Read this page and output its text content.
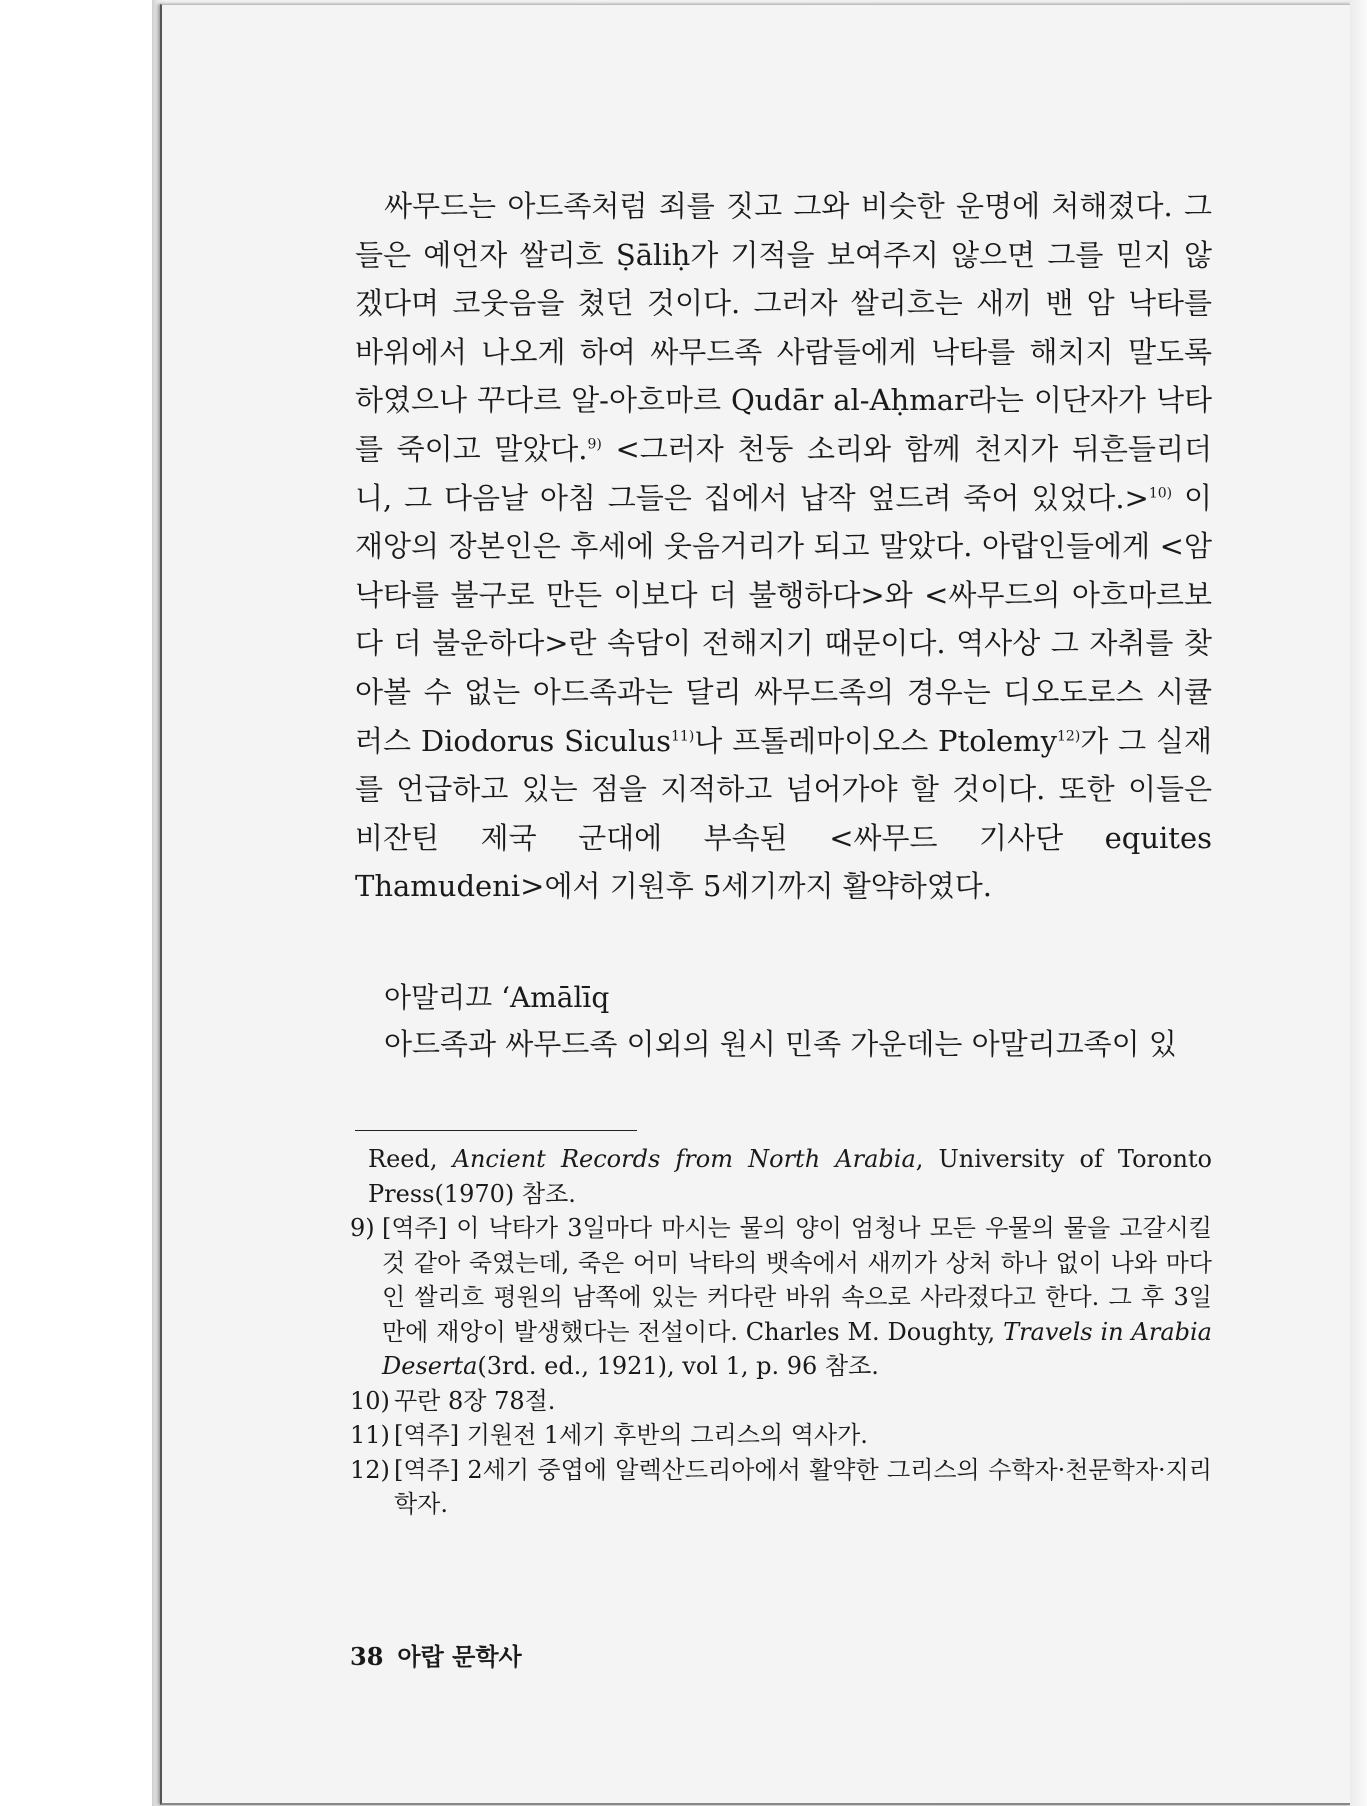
싸무드는 아드족처럼 죄를 짓고 그와 비슷한 운명에 처해졌다. 그들은 예언자 쌀리흐 Ṣāliḥ가 기적을 보여주지 않으면 그를 믿지 않겠다며 코웃음을 쳤던 것이다. 그러자 쌀리흐는 새끼 밴 암 낙타를 바위에서 나오게 하여 싸무드족 사람들에게 낙타를 해치지 말도록 하였으나 꾸다르 알-아흐마르 Qudār al-Aḥmar라는 이단자가 낙타를 죽이고 말았다.$^{9)}$ <그러자 천둥 소리와 함께 천지가 뒤흔들리더니, 그 다음날 아침 그들은 집에서 납작 엎드려 죽어 있었다.>$^{10)}$ 이 재앙의 장본인은 후세에 웃음거리가 되고 말았다. 아랍인들에게 <암 낙타를 불구로 만든 이보다 더 불행하다>와 <싸무드의 아흐마르보다 더 불운하다>란 속담이 전해지기 때문이다. 역사상 그 자취를 찾아볼 수 없는 아드족과는 달리 싸무드족의 경우는 디오도로스 시큘러스 Diodorus Siculus$^{11)}$나 프톨레마이오스 Ptolemy$^{12)}$가 그 실재를 언급하고 있는 점을 지적하고 넘어가야 할 것이다. 또한 이들은 비잔틴 제국 군대에 부속된 <싸무드 기사단 equites Thamudeni>에서 기원후 5세기까지 활약하였다.

아말리끄 ‘Amālīq

아드족과 싸무드족 이외의 원시 민족 가운데는 아말리끄족이 있

Reed, Ancient Records from North Arabia, University of Toronto Press(1970) 참조.
9) [역주] 이 낙타가 3일마다 마시는 물의 양이 엄청나 모든 우물의 물을 고갈시킬 것 같아 죽였는데, 죽은 어미 낙타의 뱃속에서 새끼가 상처 하나 없이 나와 마다인 쌀리흐 평원의 남쪽에 있는 커다란 바위 속으로 사라졌다고 한다. 그 후 3일만에 재앙이 발생했다는 전설이다. Charles M. Doughty, Travels in Arabia Deserta(3rd. ed., 1921), vol 1, p. 96 참조.
10) 꾸란 8장 78절.
11) [역주] 기원전 1세기 후반의 그리스의 역사가.
12) [역주] 2세기 중엽에 알렉산드리아에서 활약한 그리스의 수학자·천문학자·지리학자.
38 아랍 문학사
